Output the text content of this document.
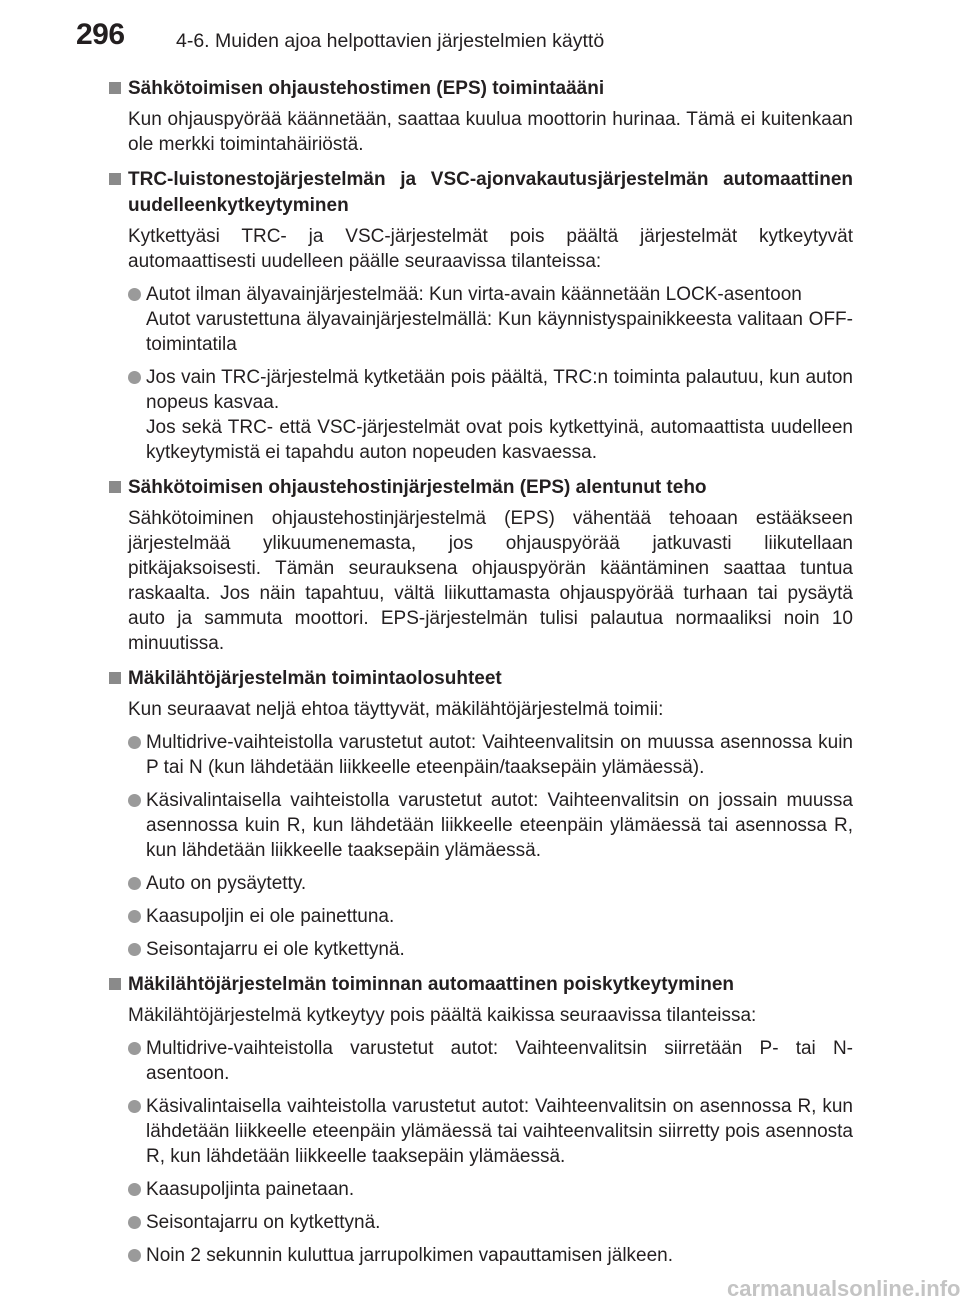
296	4-6. Muiden ajoa helpottavien järjestelmien käyttö
Sähkötoimisen ohjaustehostimen (EPS) toimintaääni
Kun ohjauspyörää käännetään, saattaa kuulua moottorin hurinaa. Tämä ei kuitenkaan ole merkki toimintahäiriöstä.
TRC-luistonestojärjestelmän ja VSC-ajonvakautusjärjestelmän automaattinen uudelleenkytkeytyminen
Kytkettyäsi TRC- ja VSC-järjestelmät pois päältä järjestelmät kytkeytyvät automaattisesti uudelleen päälle seuraavissa tilanteissa:
Autot ilman älyavainjärjestelmää: Kun virta-avain käännetään LOCK-asentoon
Autot varustettuna älyavainjärjestelmällä: Kun käynnistyspainikkeesta valitaan OFF-toimintatila
Jos vain TRC-järjestelmä kytketään pois päältä, TRC:n toiminta palautuu, kun auton nopeus kasvaa.
Jos sekä TRC- että VSC-järjestelmät ovat pois kytkettyinä, automaattista uudelleen kytkeytymistä ei tapahdu auton nopeuden kasvaessa.
Sähkötoimisen ohjaustehostinjärjestelmän (EPS) alentunut teho
Sähkötoiminen ohjaustehostinjärjestelmä (EPS) vähentää tehoaan estääkseen järjestelmää ylikuumenemasta, jos ohjauspyörää jatkuvasti liikutellaan pitkäjaksoisesti. Tämän seurauksena ohjauspyörän kääntäminen saattaa tuntua raskaalta. Jos näin tapahtuu, vältä liikuttamasta ohjauspyörää turhaan tai pysäytä auto ja sammuta moottori. EPS-järjestelmän tulisi palautua normaaliksi noin 10 minuutissa.
Mäkilähtöjärjestelmän toimintaolosuhteet
Kun seuraavat neljä ehtoa täyttyvät, mäkilähtöjärjestelmä toimii:
Multidrive-vaihteistolla varustetut autot: Vaihteenvalitsin on muussa asennossa kuin P tai N (kun lähdetään liikkeelle eteenpäin/taaksepäin ylämäessä).
Käsivalintaisella vaihteistolla varustetut autot: Vaihteenvalitsin on jossain muussa asennossa kuin R, kun lähdetään liikkeelle eteenpäin ylämäessä tai asennossa R, kun lähdetään liikkeelle taaksepäin ylämäessä.
Auto on pysäytetty.
Kaasupoljin ei ole painettuna.
Seisontajarru ei ole kytkettynä.
Mäkilähtöjärjestelmän toiminnan automaattinen poiskytkeytyminen
Mäkilähtöjärjestelmä kytkeytyy pois päältä kaikissa seuraavissa tilanteissa:
Multidrive-vaihteistolla varustetut autot: Vaihteenvalitsin siirretään P- tai N-asentoon.
Käsivalintaisella vaihteistolla varustetut autot: Vaihteenvalitsin on asennossa R, kun lähdetään liikkeelle eteenpäin ylämäessä tai vaihteenvalitsin siirretty pois asennosta R, kun lähdetään liikkeelle taaksepäin ylämäessä.
Kaasupoljinta painetaan.
Seisontajarru on kytkettynä.
Noin 2 sekunnin kuluttua jarrupolkimen vapauttamisen jälkeen.
carmanualsonline.info
